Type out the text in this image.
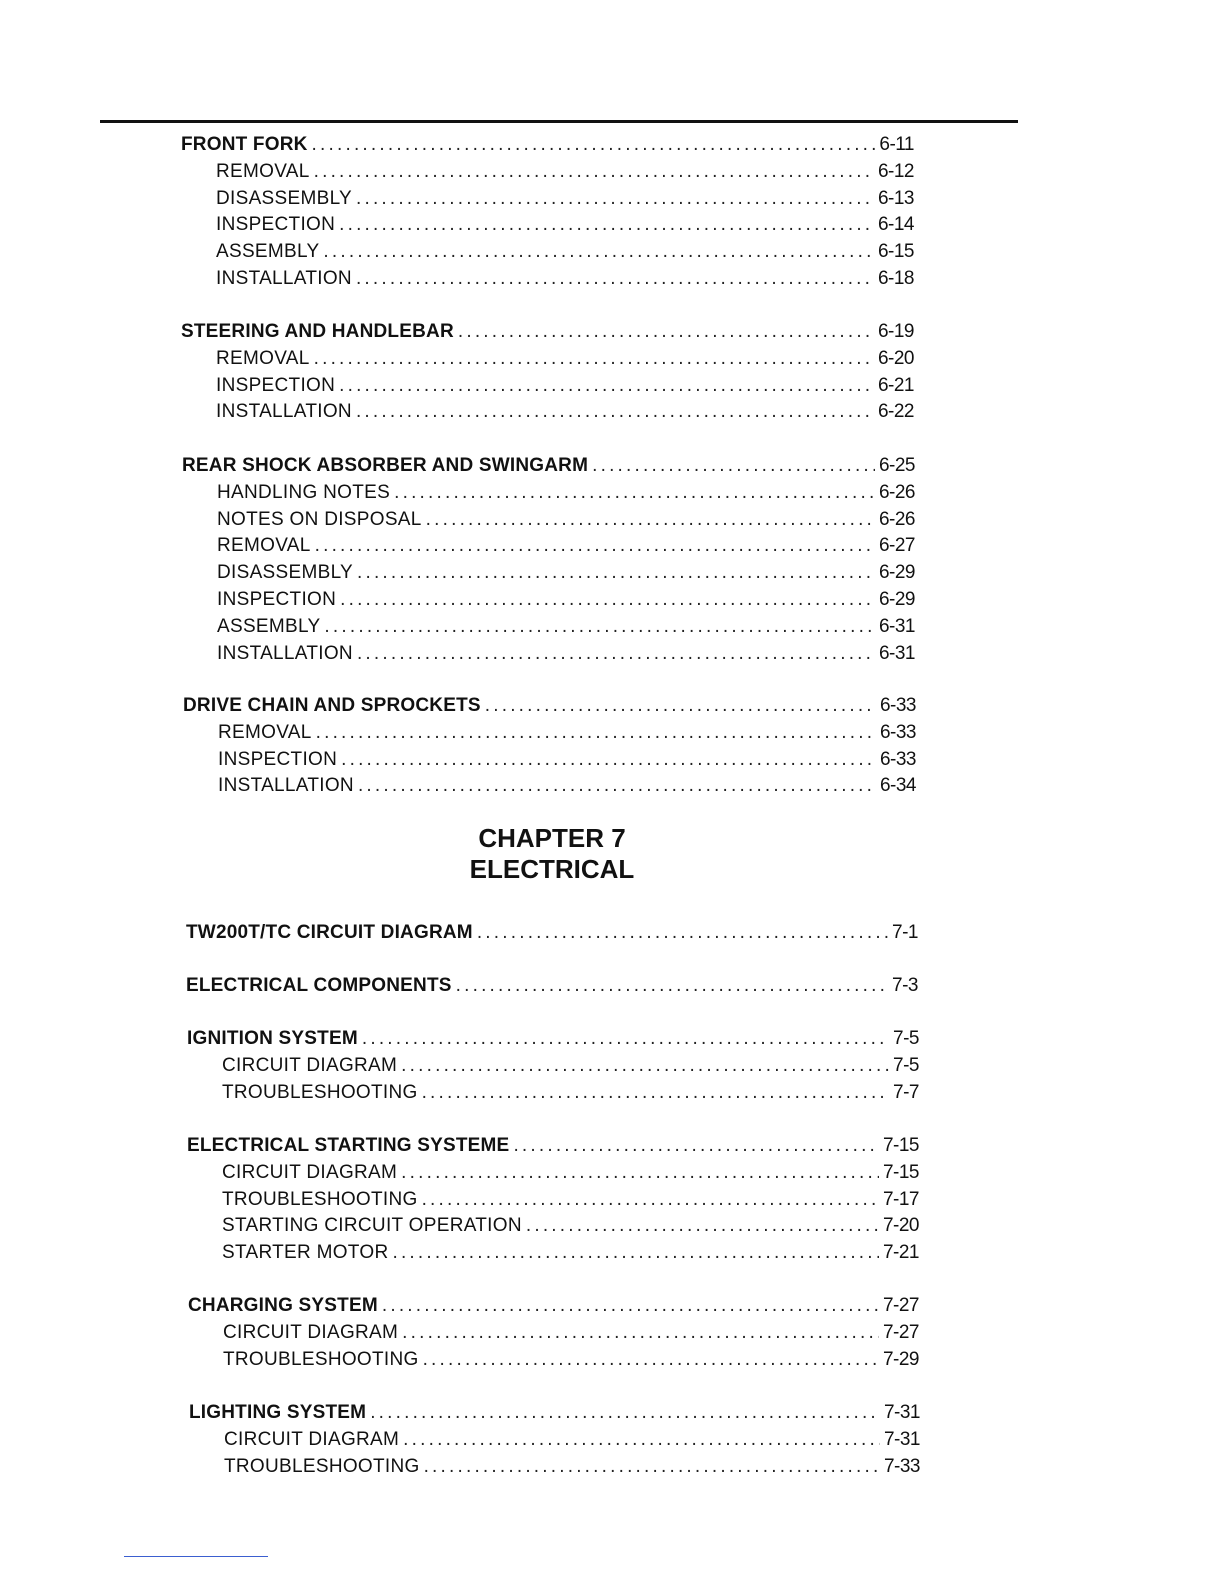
FRONT FORK .....	6-11
REMOVAL .....	6-12
DISASSEMBLY .....	6-13
INSPECTION .....	6-14
ASSEMBLY .....	6-15
INSTALLATION .....	6-18
STEERING AND HANDLEBAR .....	6-19
REMOVAL .....	6-20
INSPECTION .....	6-21
INSTALLATION .....	6-22
REAR SHOCK ABSORBER AND SWINGARM .....	6-25
HANDLING NOTES .....	6-26
NOTES ON DISPOSAL .....	6-26
REMOVAL .....	6-27
DISASSEMBLY .....	6-29
INSPECTION .....	6-29
ASSEMBLY .....	6-31
INSTALLATION .....	6-31
DRIVE CHAIN AND SPROCKETS .....	6-33
REMOVAL .....	6-33
INSPECTION .....	6-33
INSTALLATION .....	6-34
CHAPTER 7
ELECTRICAL
TW200T/TC CIRCUIT DIAGRAM .....	7-1
ELECTRICAL COMPONENTS .....	7-3
IGNITION SYSTEM .....	7-5
CIRCUIT DIAGRAM .....	7-5
TROUBLESHOOTING .....	7-7
ELECTRICAL STARTING SYSTEME .....	7-15
CIRCUIT DIAGRAM .....	7-15
TROUBLESHOOTING .....	7-17
STARTING CIRCUIT OPERATION .....	7-20
STARTER MOTOR .....	7-21
CHARGING SYSTEM .....	7-27
CIRCUIT DIAGRAM .....	7-27
TROUBLESHOOTING .....	7-29
LIGHTING SYSTEM .....	7-31
CIRCUIT DIAGRAM .....	7-31
TROUBLESHOOTING .....	7-33
